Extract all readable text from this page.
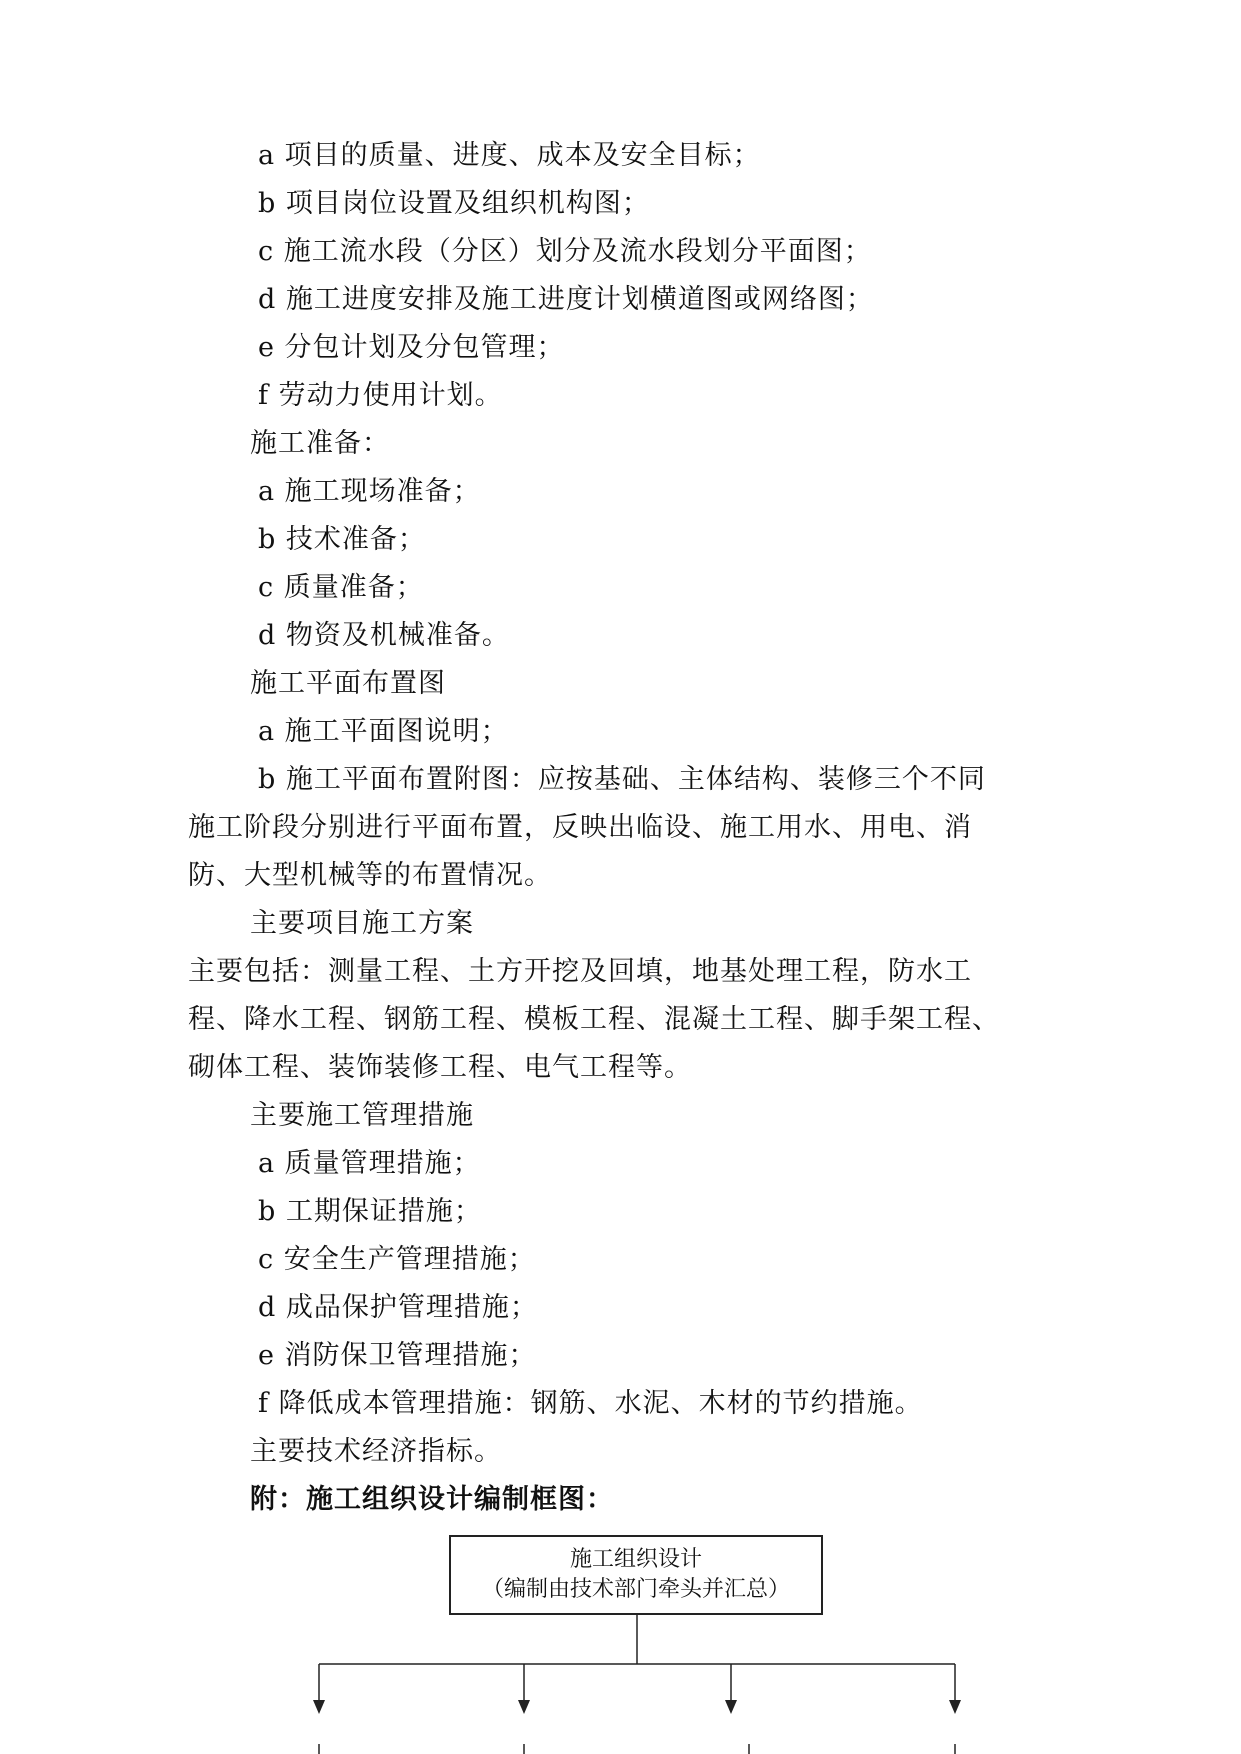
a 项目的质量、进度、成本及安全目标；
b 项目岗位设置及组织机构图；
c 施工流水段（分区）划分及流水段划分平面图；
d 施工进度安排及施工进度计划横道图或网络图；
e 分包计划及分包管理；
f 劳动力使用计划。
施工准备：
a 施工现场准备；
b 技术准备；
c 质量准备；
d 物资及机械准备。
施工平面布置图
a 施工平面图说明；
b 施工平面布置附图：应按基础、主体结构、装修三个不同
施工阶段分别进行平面布置，反映出临设、施工用水、用电、消
防、大型机械等的布置情况。
主要项目施工方案
主要包括：测量工程、土方开挖及回填，地基处理工程，防水工
程、降水工程、钢筋工程、模板工程、混凝土工程、脚手架工程、
砌体工程、装饰装修工程、电气工程等。
主要施工管理措施
a 质量管理措施；
b 工期保证措施；
c 安全生产管理措施；
d 成品保护管理措施；
e 消防保卫管理措施；
f 降低成本管理措施：钢筋、水泥、木材的节约措施。
主要技术经济指标。
附：施工组织设计编制框图：
施工组织设计
（编制由技术部门牵头并汇总）
